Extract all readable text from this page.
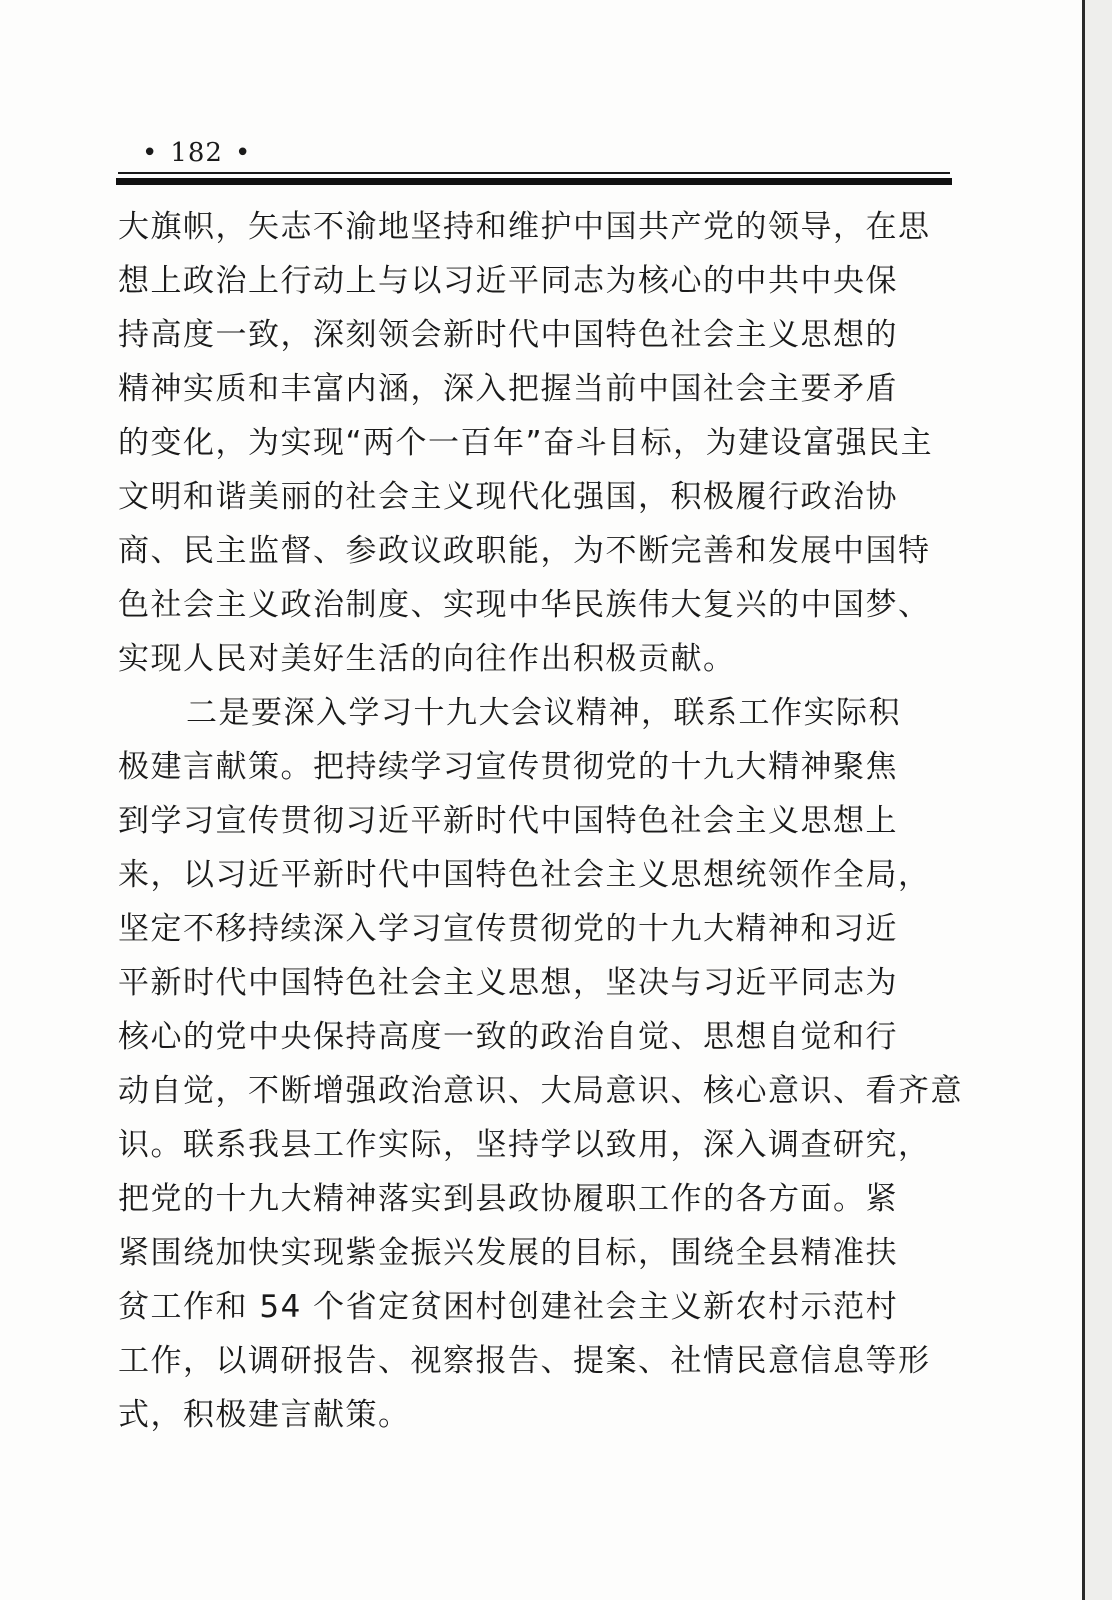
• 182 •
大旗帜，矢志不渝地坚持和维护中国共产党的领导，在思
想上政治上行动上与以习近平同志为核心的中共中央保
持高度一致，深刻领会新时代中国特色社会主义思想的
精神实质和丰富内涵，深入把握当前中国社会主要矛盾
的变化，为实现“两个一百年”奋斗目标，为建设富强民主
文明和谐美丽的社会主义现代化强国，积极履行政治协
商、民主监督、参政议政职能，为不断完善和发展中国特
色社会主义政治制度、实现中华民族伟大复兴的中国梦、
实现人民对美好生活的向往作出积极贡献。
二是要深入学习十九大会议精神，联系工作实际积
极建言献策。把持续学习宣传贯彻党的十九大精神聚焦
到学习宣传贯彻习近平新时代中国特色社会主义思想上
来，以习近平新时代中国特色社会主义思想统领作全局，
坚定不移持续深入学习宣传贯彻党的十九大精神和习近
平新时代中国特色社会主义思想，坚决与习近平同志为
核心的党中央保持高度一致的政治自觉、思想自觉和行
动自觉，不断增强政治意识、大局意识、核心意识、看齐意
识。联系我县工作实际，坚持学以致用，深入调查研究，
把党的十九大精神落实到县政协履职工作的各方面。紧
紧围绕加快实现紫金振兴发展的目标，围绕全县精准扶
贫工作和 54 个省定贫困村创建社会主义新农村示范村
工作，以调研报告、视察报告、提案、社情民意信息等形
式，积极建言献策。
